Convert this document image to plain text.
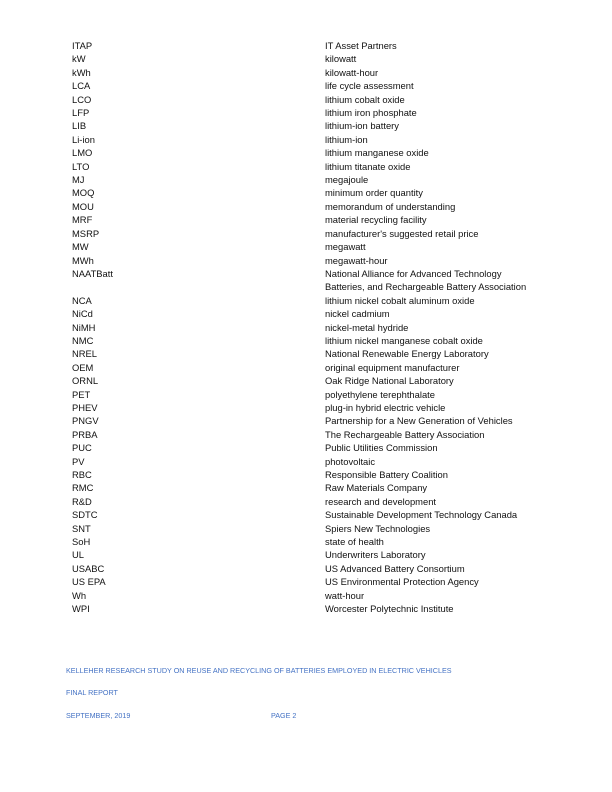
ITAP	IT Asset Partners
kW	kilowatt
kWh	kilowatt-hour
LCA	life cycle assessment
LCO	lithium cobalt oxide
LFP	lithium iron phosphate
LIB	lithium-ion battery
Li-ion	lithium-ion
LMO	lithium manganese oxide
LTO	lithium titanate oxide
MJ	megajoule
MOQ	minimum order quantity
MOU	memorandum of understanding
MRF	material recycling facility
MSRP	manufacturer's suggested retail price
MW	megawatt
MWh	megawatt-hour
NAATBatt	National Alliance for Advanced Technology Batteries, and Rechargeable Battery Association
NCA	lithium nickel cobalt aluminum oxide
NiCd	nickel cadmium
NiMH	nickel-metal hydride
NMC	lithium nickel manganese cobalt oxide
NREL	National Renewable Energy Laboratory
OEM	original equipment manufacturer
ORNL	Oak Ridge National Laboratory
PET	polyethylene terephthalate
PHEV	plug-in hybrid electric vehicle
PNGV	Partnership for a New Generation of Vehicles
PRBA	The Rechargeable Battery Association
PUC	Public Utilities Commission
PV	photovoltaic
RBC	Responsible Battery Coalition
RMC	Raw Materials Company
R&D	research and development
SDTC	Sustainable Development Technology Canada
SNT	Spiers New Technologies
SoH	state of health
UL	Underwriters Laboratory
USABC	US Advanced Battery Consortium
US EPA	US Environmental Protection Agency
Wh	watt-hour
WPI	Worcester Polytechnic Institute
KELLEHER RESEARCH STUDY ON REUSE AND RECYCLING OF BATTERIES EMPLOYED IN ELECTRIC VEHICLES
FINAL REPORT
SEPTEMBER, 2019	PAGE 2
